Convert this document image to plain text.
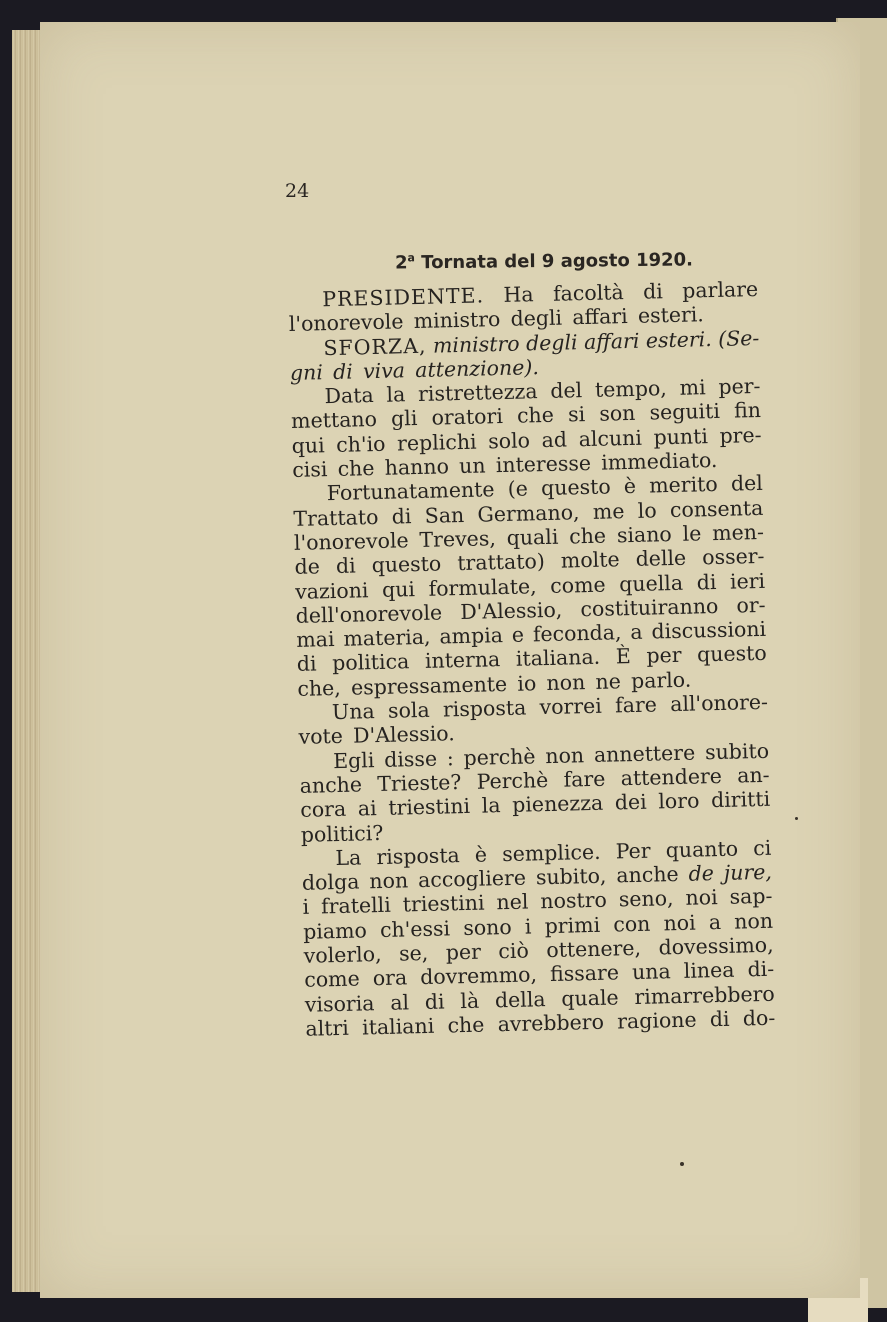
24
2$^a$ Tornata del 9 agosto 1920.
PRESIDENTE. Ha facoltà di parlare
l'onorevole ministro degli affari esteri.
SFORZA, ministro degli affari esteri. (Se-
gni di viva attenzione).
Data la ristrettezza del tempo, mi per-
mettano gli oratori che si son seguiti fin
qui ch'io replichi solo ad alcuni punti pre-
cisi che hanno un interesse immediato.
Fortunatamente (e questo è merito del
Trattato di San Germano, me lo consenta
l'onorevole Treves, quali che siano le men-
de di questo trattato) molte delle osser-
vazioni qui formulate, come quella di ieri
dell'onorevole D'Alessio, costituiranno or-
mai materia, ampia e feconda, a discussioni
di politica interna italiana. È per questo
che, espressamente io non ne parlo.
Una sola risposta vorrei fare all'onore-
vote D'Alessio.
Egli disse : perchè non annettere subito
anche Trieste? Perchè fare attendere an-
cora ai triestini la pienezza dei loro diritti
politici?
La risposta è semplice. Per quanto ci
dolga non accogliere subito, anche de jure,
i fratelli triestini nel nostro seno, noi sap-
piamo ch'essi sono i primi con noi a non
volerlo, se, per ciò ottenere, dovessimo,
come ora dovremmo, fissare una linea di-
visoria al di là della quale rimarrebbero
altri italiani che avrebbero ragione di do-
